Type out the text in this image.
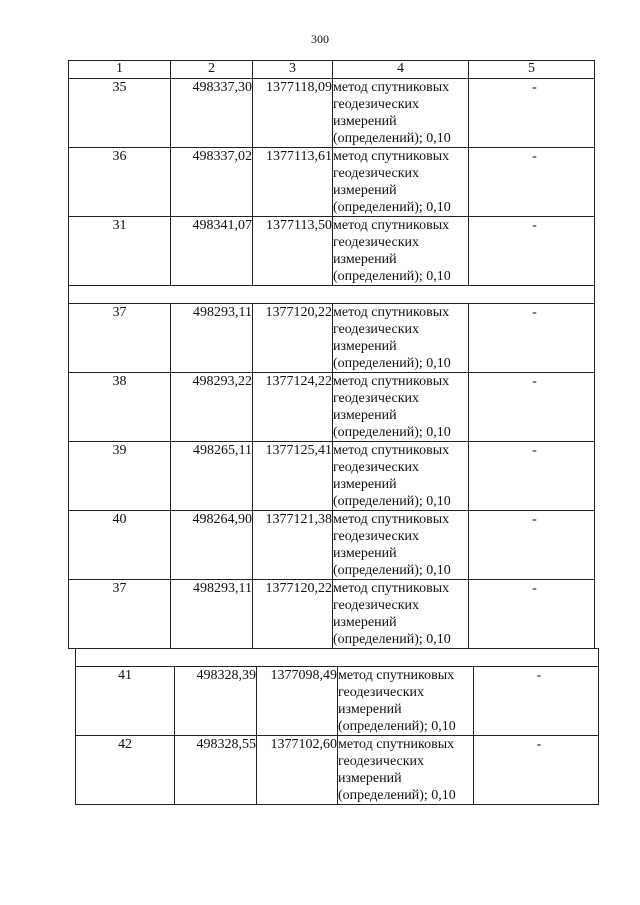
300
1	2	3	4	5
35	498337,30	1377118,09	метод спутниковых
геодезических
измерений
(определений); 0,10	-
36	498337,02	1377113,61	метод спутниковых
геодезических
измерений
(определений); 0,10	-
31	498341,07	1377113,50	метод спутниковых
геодезических
измерений
(определений); 0,10	-

37	498293,11	1377120,22	метод спутниковых
геодезических
измерений
(определений); 0,10	-
38	498293,22	1377124,22	метод спутниковых
геодезических
измерений
(определений); 0,10	-
39	498265,11	1377125,41	метод спутниковых
геодезических
измерений
(определений); 0,10	-
40	498264,90	1377121,38	метод спутниковых
геодезических
измерений
(определений); 0,10	-
37	498293,11	1377120,22	метод спутниковых
геодезических
измерений
(определений); 0,10	-

41	498328,39	1377098,49	метод спутниковых
геодезических
измерений
(определений); 0,10	-
42	498328,55	1377102,60	метод спутниковых
геодезических
измерений
(определений); 0,10	-
